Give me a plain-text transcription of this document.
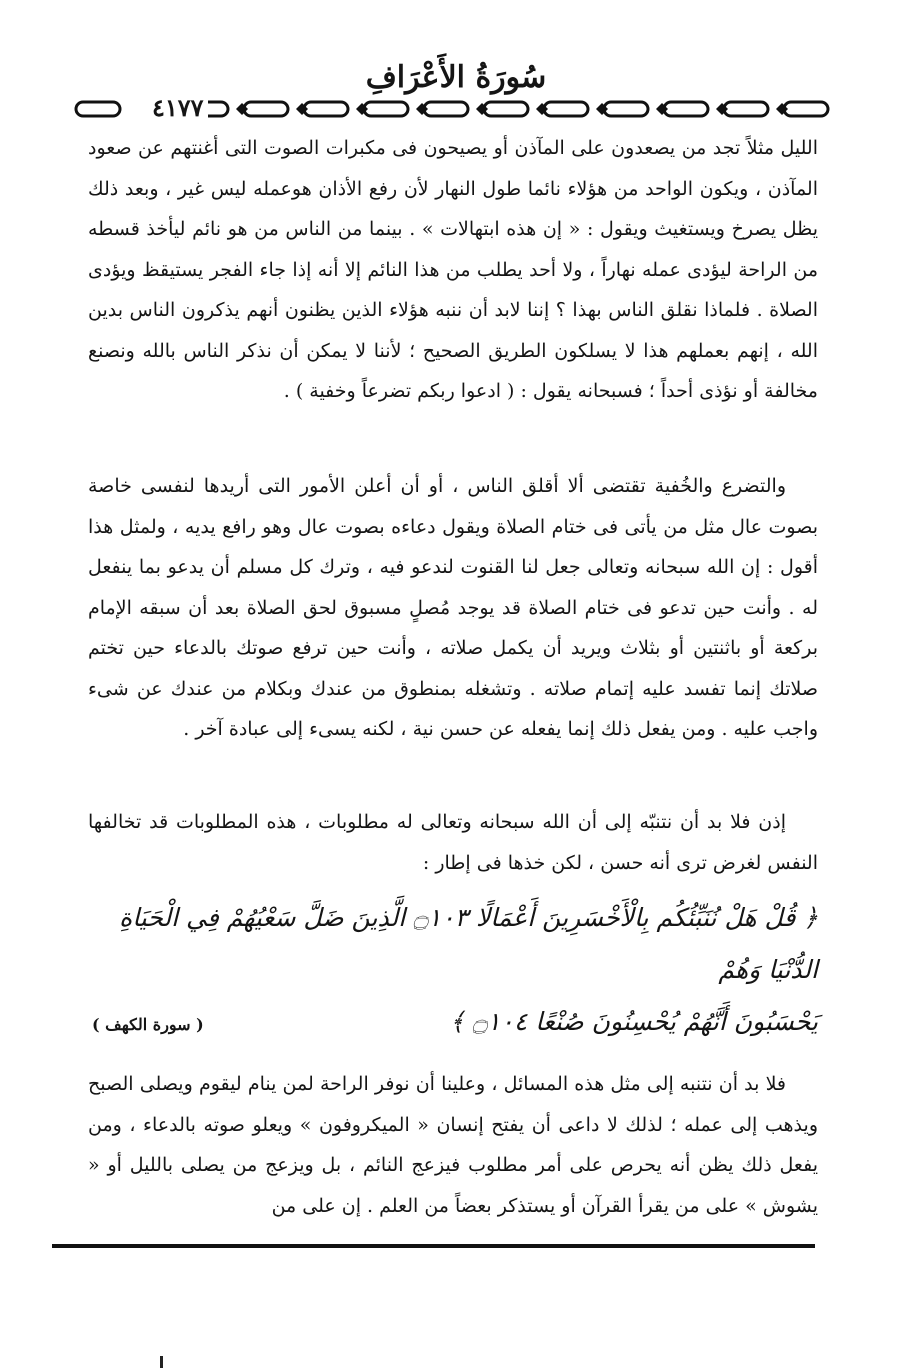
سُورَةُ الأَعْرَافِ
٤١٧٧
الليل مثلاً تجد من يصعدون على المآذن أو يصيحون فى مكبرات الصوت التى أغنتهم عن صعود المآذن ، ويكون الواحد من هؤلاء نائما طول النهار لأن رفع الأذان هوعمله ليس غير ، وبعد ذلك يظل يصرخ ويستغيث ويقول : « إن هذه ابتهالات » . بينما من الناس من هو نائم ليأخذ قسطه من الراحة ليؤدى عمله نهاراً ، ولا أحد يطلب من هذا النائم إلا أنه إذا جاء الفجر يستيقظ ويؤدى الصلاة . فلماذا نقلق الناس بهذا ؟ إننا لابد أن ننبه هؤلاء الذين يظنون أنهم يذكرون الناس بدين الله ، إنهم بعملهم هذا لا يسلكون الطريق الصحيح ؛ لأننا لا يمكن أن نذكر الناس بالله ونصنع مخالفة أو نؤذى أحداً ؛ فسبحانه يقول : ( ادعوا ربكم تضرعاً وخفية ) .
والتضرع والخُفية تقتضى ألا أقلق الناس ، أو أن أعلن الأمور التى أريدها لنفسى خاصة بصوت عال مثل من يأتى فى ختام الصلاة ويقول دعاءه بصوت عال وهو رافع يديه ، ولمثل هذا أقول : إن الله سبحانه وتعالى جعل لنا القنوت لندعو فيه ، وترك كل مسلم أن يدعو بما ينفعل له . وأنت حين تدعو فى ختام الصلاة قد يوجد مُصلٍ مسبوق لحق الصلاة بعد أن سبقه الإمام بركعة أو باثنتين أو بثلاث ويريد أن يكمل صلاته ، وأنت حين ترفع صوتك بالدعاء حين تختم صلاتك إنما تفسد عليه إتمام صلاته . وتشغله بمنطوق من عندك وبكلام من عندك عن شىء واجب عليه . ومن يفعل ذلك إنما يفعله عن حسن نية ، لكنه يسىء إلى عبادة آخر .
إذن فلا بد أن نتنبّه إلى أن الله سبحانه وتعالى له مطلوبات ، هذه المطلوبات قد تخالفها النفس لغرض ترى أنه حسن ، لكن خذها فى إطار :
﴿ قُلْ هَلْ نُنَبِّئُكُم بِالْأَخْسَرِينَ أَعْمَالًا ۝١٠٣ الَّذِينَ ضَلَّ سَعْيُهُمْ فِي الْحَيَاةِ الدُّنْيَا وَهُمْ
يَحْسَبُونَ أَنَّهُمْ يُحْسِنُونَ صُنْعًا ۝١٠٤ ﴾
( سورة الكهف )
فلا بد أن نتنبه إلى مثل هذه المسائل ، وعلينا أن نوفر الراحة لمن ينام ليقوم ويصلى الصبح ويذهب إلى عمله ؛ لذلك لا داعى أن يفتح إنسان « الميكروفون » ويعلو صوته بالدعاء ، ومن يفعل ذلك يظن أنه يحرص على أمر مطلوب فيزعج النائم ، بل ويزعج من يصلى بالليل أو « يشوش » على من يقرأ القرآن أو يستذكر بعضاً من العلم . إن على من
